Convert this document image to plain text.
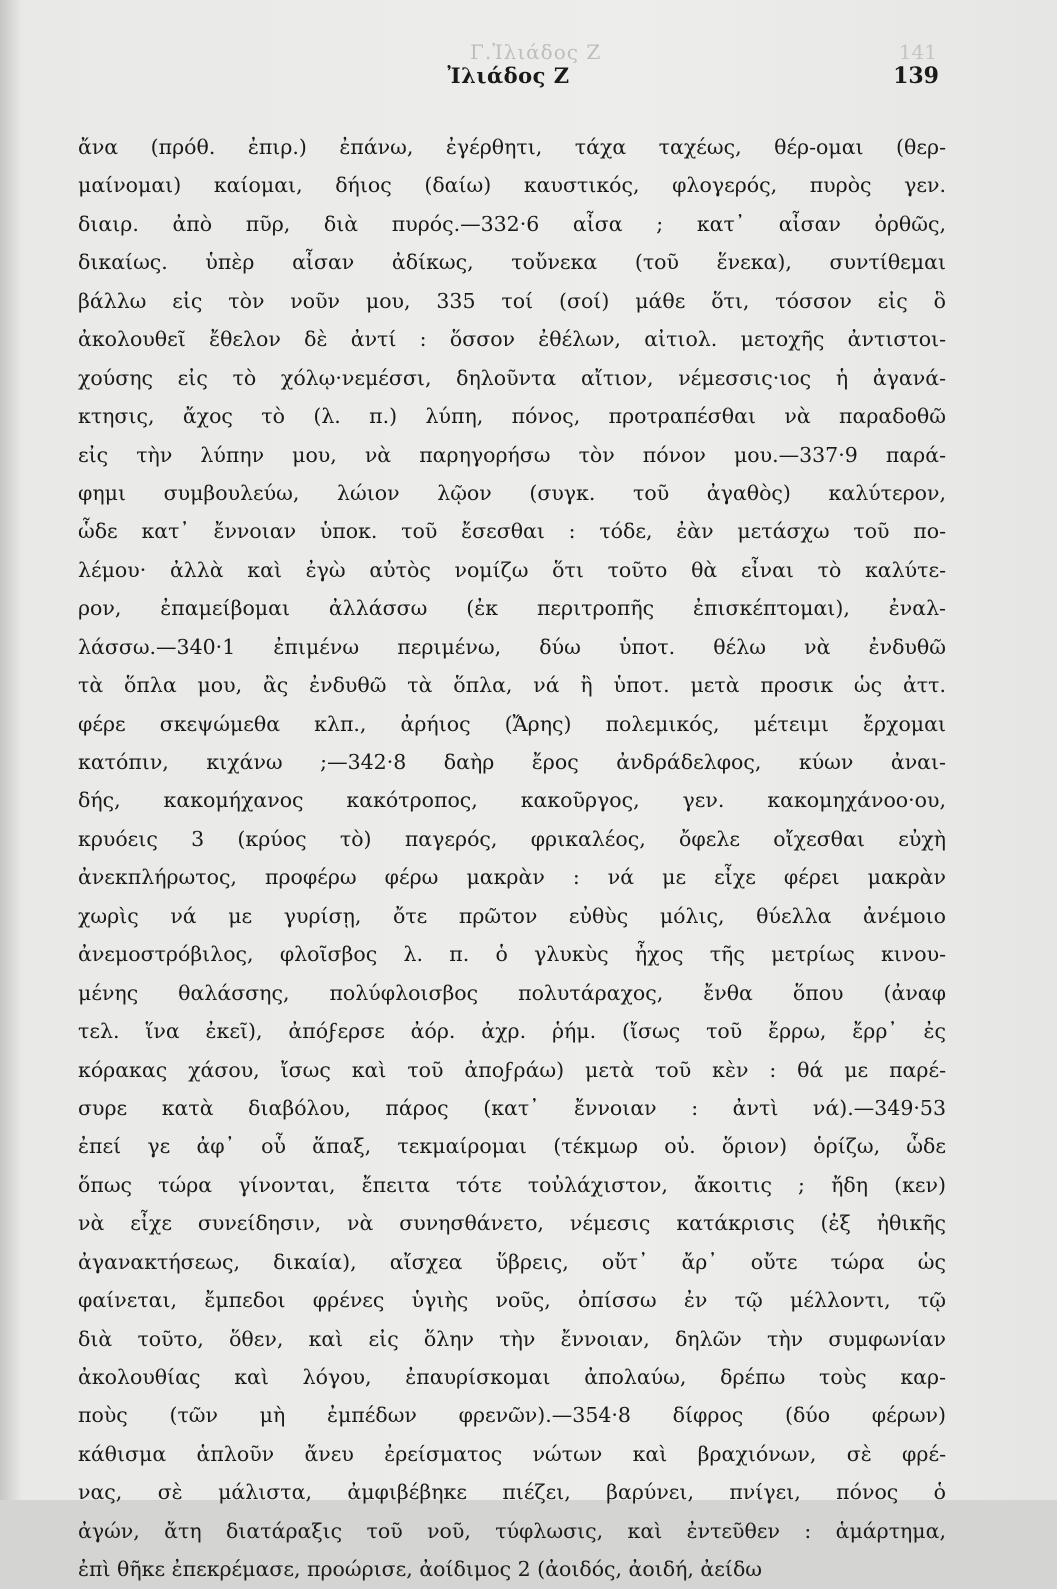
Γ.Ἰλιάδος Ζ	141
Ἰλιάδος Ζ	139
ἄνα (πρόθ. ἐπιρ.) ἐπάνω, ἐγέρθητι, τάχα ταχέως, θέρ-ομαι (θερ-
μαίνομαι) καίομαι, δήιος (δαίω) καυστικός, φλογερός, πυρὸς γεν.
διαιρ. ἀπὸ πῦρ, διὰ πυρός.—332·6 αἶσα ; κατ᾽ αἶσαν ὀρθῶς,
δικαίως. ὑπὲρ αἶσαν ἀδίκως, τοὔνεκα (τοῦ ἕνεκα), συντίθεμαι
βάλλω εἰς τὸν νοῦν μου, 335 τοί (σοί) μάθε ὅτι, τόσσον εἰς ὃ
ἀκολουθεῖ ἔθελον δὲ ἀντί : ὅσσον ἐθέλων, αἰτιολ. μετοχῆς ἀντιστοι-
χούσης εἰς τὸ χόλῳ·νεμέσσι, δηλοῦντα αἴτιον, νέμεσσις·ιος ἡ ἀγανά-
κτησις, ἄχος τὸ (λ. π.) λύπη, πόνος, προτραπέσθαι νὰ παραδοθῶ
εἰς τὴν λύπην μου, νὰ παρηγορήσω τὸν πόνον μου.—337·9 παρά-
φημι συμβουλεύω, λώιον λῷον (συγκ. τοῦ ἀγαθὸς) καλύτερον,
ὧδε κατ᾽ ἔννοιαν ὑποκ. τοῦ ἔσεσθαι : τόδε, ἐὰν μετάσχω τοῦ πο-
λέμου· ἀλλὰ καὶ ἐγὼ αὐτὸς νομίζω ὅτι τοῦτο θὰ εἶναι τὸ καλύτε-
ρον, ἐπαμείβομαι ἀλλάσσω (ἐκ περιτροπῆς ἐπισκέπτομαι), ἐναλ-
λάσσω.—340·1 ἐπιμένω περιμένω, δύω ὑποτ. θέλω νὰ ἐνδυθῶ
τὰ ὅπλα μου, ἂς ἐνδυθῶ τὰ ὅπλα, νά ἢ ὑποτ. μετὰ προσικ ὡς ἀττ.
φέρε σκεψώμεθα κλπ., ἀρήιος (Ἄρης) πολεμικός, μέτειμι ἔρχομαι
κατόπιν, κιχάνω ;—342·8 δαὴρ ἔρος ἀνδράδελφος, κύων ἀναι-
δής, κακομήχανος κακότροπος, κακοῦργος, γεν. κακομηχάνοο·ου,
κρυόεις 3 (κρύος τὸ) παγερός, φρικαλέος, ὄφελε οἴχεσθαι εὐχὴ
ἀνεκπλήρωτος, προφέρω φέρω μακρὰν : νά με εἶχε φέρει μακρὰν
χωρὶς νά με γυρίσῃ, ὄτε πρῶτον εὐθὺς μόλις, θύελλα ἀνέμοιο
ἀνεμοστρόβιλος, φλοῖσβος λ. π. ὁ γλυκὺς ἦχος τῆς μετρίως κινου-
μένης θαλάσσης, πολύφλοισβος πολυτάραχος, ἔνθα ὅπου (ἀναφ
τελ. ἵνα ἐκεῖ), ἀπόϝερσε ἀόρ. ἀχρ. ῥήμ. (ἴσως τοῦ ἔρρω, ἔρρ᾽ ἐς
κόρακας χάσου, ἴσως καὶ τοῦ ἀποϝράω) μετὰ τοῦ κὲν : θά με παρέ-
συρε κατὰ διαβόλου, πάρος (κατ᾽ ἔννοιαν : ἀντὶ νά).—349·53
ἐπεί γε ἀφ᾽ οὗ ἅπαξ, τεκμαίρομαι (τέκμωρ οὐ. ὅριον) ὁρίζω, ὧδε
ὅπως τώρα γίνονται, ἔπειτα τότε τοὐλάχιστον, ἄκοιτις ; ἤδη (κεν)
νὰ εἶχε συνείδησιν, νὰ συνησθάνετο, νέμεσις κατάκρισις (ἐξ ἠθικῆς
ἀγανακτήσεως, δικαία), αἴσχεα ὕβρεις, οὔτ᾽ ἄρ᾽ οὔτε τώρα ὡς
φαίνεται, ἔμπεδοι φρένες ὑγιὴς νοῦς, ὀπίσσω ἐν τῷ μέλλοντι, τῷ
διὰ τοῦτο, ὅθεν, καὶ εἰς ὅλην τὴν ἔννοιαν, δηλῶν τὴν συμφωνίαν
ἀκολουθίας καὶ λόγου, ἐπαυρίσκομαι ἀπολαύω, δρέπω τοὺς καρ-
ποὺς (τῶν μὴ ἐμπέδων φρενῶν).—354·8 δίφρος (δύο φέρων)
κάθισμα ἁπλοῦν ἄνευ ἐρείσματος νώτων καὶ βραχιόνων, σὲ φρέ-
νας, σὲ μάλιστα, ἀμφιβέβηκε πιέζει, βαρύνει, πνίγει, πόνος ὁ
ἀγών, ἄτη διατάραξις τοῦ νοῦ, τύφλωσις, καὶ ἐντεῦθεν : ἁμάρτημα,
ἐπὶ θῆκε ἐπεκρέμασε, προώρισε, ἀοίδιμος 2 (ἀοιδός, ἀοιδή, ἀείδω
